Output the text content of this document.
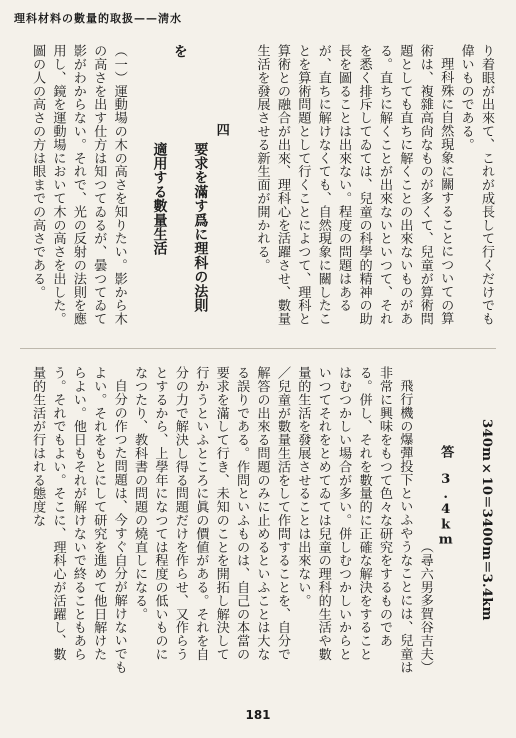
理科材料の數量的取扱——淸水

り着眼が出來て、これが成長して行くだけでも偉いものである。

理科殊に自然現象に關することについての算術は、複雜高尙なものが多くて、兒童が算術問題としても直ちに解くことの出來ないものがある。直ちに解くことが出來ないといつて、それを悉く排斥してゐては、兒童の科學的精神の助長を圖ることは出來ない。程度の問題はあるが、直ちに解けなくても、自然現象に關したことを算術問題として行くことによつて、理科と算術との融合が出來、理科心を活躍させ、數量生活を發展させる新生面が開かれる。

四

要求を滿す爲に理科の法則を

適用する數量生活

（一）運動場の木の高さを知りたい。影から木の高さを出す仕方は知つてゐるが、曇つてゐて影がわからない。それで、光の反射の法則を應用し、鏡を運動場において木の高さを出した。圖の人の高さの方は眼までの高さである。

340m×10＝3400m＝3.4km

答　3.4km

（尋六男多賀谷吉夫）

飛行機の爆彈投下といふやうなことには、兒童は非常に興味をもつて色々な研究をするものである。併し、それを數量的に正確な解決をすることはむつかしい場合が多い。併しむつかしいからといつてそれをとめてゐては兒童の理科的生活や數量的生活を發展させることは出來ない。

／兒童が數量生活をして作問することを、自分で解答の出來る問題のみに止めるといふことは大なる誤りである。作問といふものは、自己の本當の要求を滿して行き、未知のことを開拓し解決して行かうといふところに眞の價値がある。それを自分の力で解決し得る問題だけを作らせ、又作らうとするから、上學年になつては程度の低いものになつたり、教科書の問題の燒直しになる。

自分の作つた問題は、今すぐ自分が解けないでもよい。それをもとにして研究を進めて他日解けたらよい。他日もそれが解けないで終ることもあらう。それでもよい。そこに、理科心が活躍し、數量的生活が行はれる態度な

181
